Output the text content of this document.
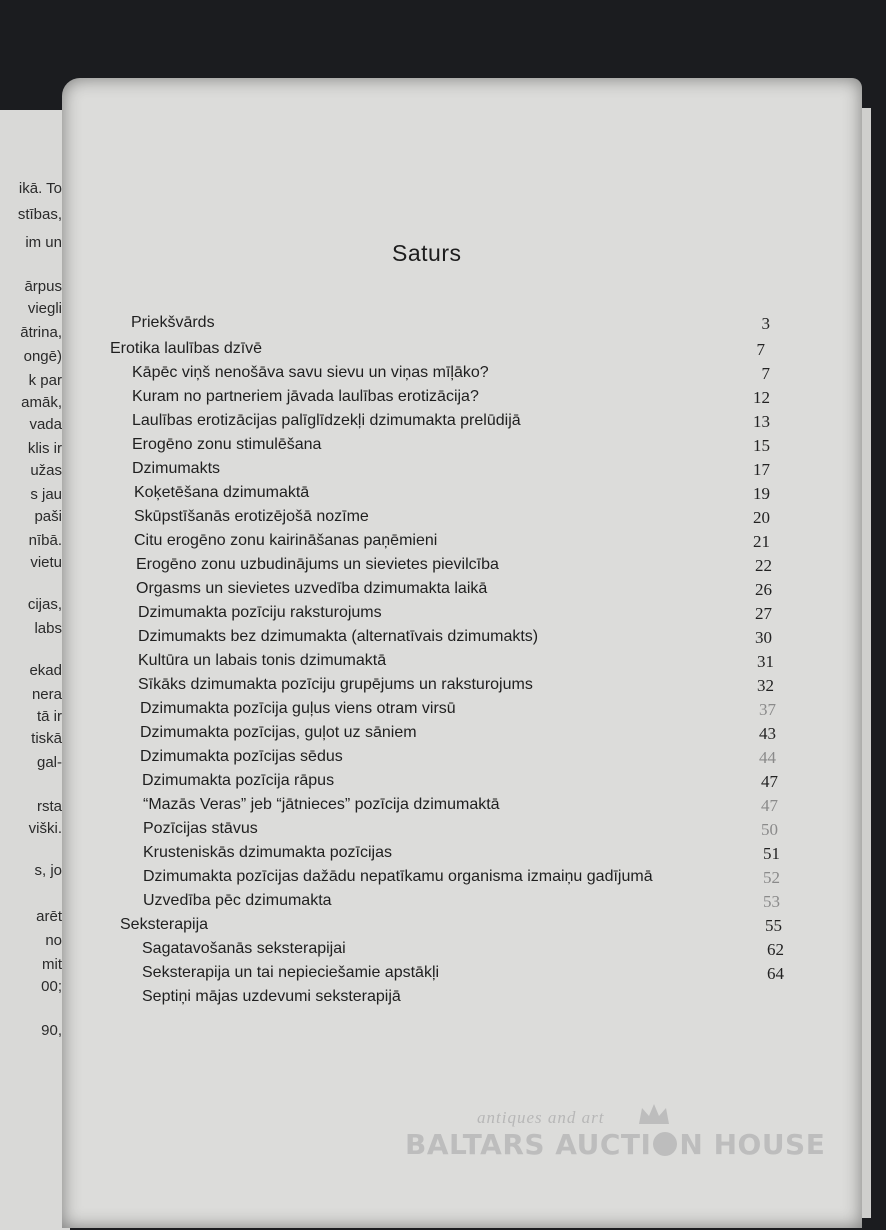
ikā. To
stības,
im un
ārpus
viegli
ātrina,
ongē)
k par
amāk,
vada
klis ir
užas
s jau
paši
nībā.
vietu
cijas,
labs
ekad
nera
tā ir
tiskā
gal-
rsta
viški.
s, jo
arēt
no
mit
00;
90,
Saturs
Priekšvārds	3
Erotika laulības dzīvē	7
Kāpēc viņš nenošāva savu sievu un viņas mīļāko?	7
Kuram no partneriem jāvada laulības erotizācija?	12
Laulības erotizācijas palīglīdzekļi dzimumakta prelūdijā	13
Erogēno zonu stimulēšana	15
Dzimumakts	17
Koķetēšana dzimumaktā	19
Skūpstīšanās erotizējošā nozīme	20
Citu erogēno zonu kairināšanas paņēmieni	21
Erogēno zonu uzbudinājums un sievietes pievilcība	22
Orgasms un sievietes uzvedība dzimumakta laikā	26
Dzimumakta pozīciju raksturojums	27
Dzimumakts bez dzimumakta (alternatīvais dzimumakts)	30
Kultūra un labais tonis dzimumaktā	31
Sīkāks dzimumakta pozīciju grupējums un raksturojums	32
Dzimumakta pozīcija guļus viens otram virsū	37
Dzimumakta pozīcijas, guļot uz sāniem	43
Dzimumakta pozīcijas sēdus	44
Dzimumakta pozīcija rāpus	47
“Mazās Veras” jeb “jātnieces” pozīcija dzimumaktā	47
Pozīcijas stāvus	50
Krusteniskās dzimumakta pozīcijas	51
Dzimumakta pozīcijas dažādu nepatīkamu organisma izmaiņu gadījumā	52
Uzvedība pēc dzimumakta	53
Seksterapija	55
Sagatavošanās seksterapijai	62
Seksterapija un tai nepieciešamie apstākļi	64
Septiņi mājas uzdevumi seksterapijā
antiques and art
BALTARS AUCTI N HOUSE
